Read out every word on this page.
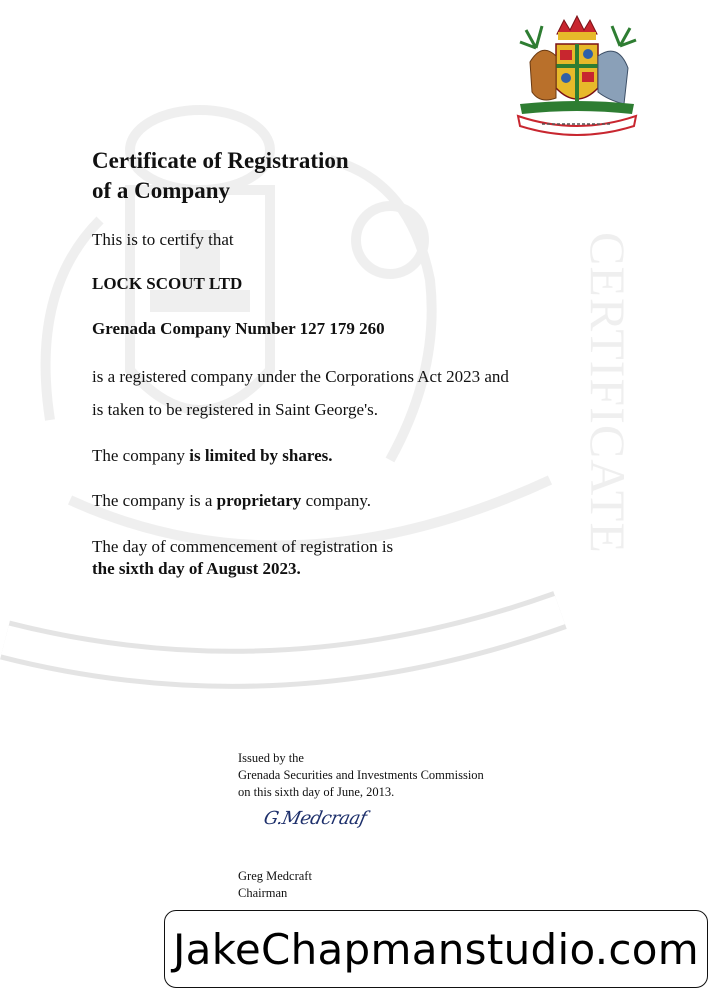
CERTIFICATE
Certificate of Registration
of a Company
This is to certify that
LOCK SCOUT LTD
Grenada Company Number 127 179 260
is a registered company under the Corporations Act 2023 and
is taken to be registered in Saint George's.
The company is limited by shares.
The company is a proprietary company.
The day of commencement of registration is
the sixth day of August 2023.
Issued by the
Grenada Securities and Investments Commission
on this sixth day of June, 2013.
G.Medcraaf
Greg Medcraft
Chairman
JakeChapmanstudio.com
